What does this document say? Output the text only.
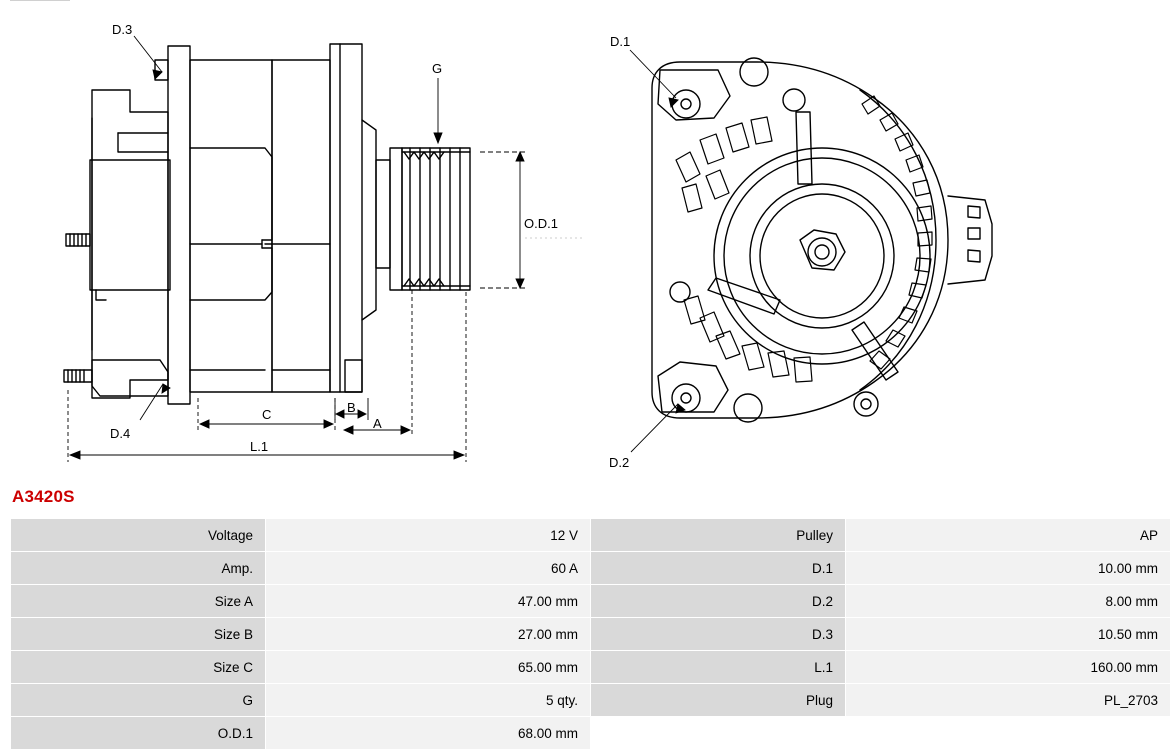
D.3
D.4
G
O.D.1
A
B
C
L.1
D.1
D.2
A3420S
Voltage	12 V	Pulley	AP
Amp.	60 A	D.1	10.00 mm
Size A	47.00 mm	D.2	8.00 mm
Size B	27.00 mm	D.3	10.50 mm
Size C	65.00 mm	L.1	160.00 mm
G	5 qty.	Plug	PL_2703
O.D.1	68.00 mm		
